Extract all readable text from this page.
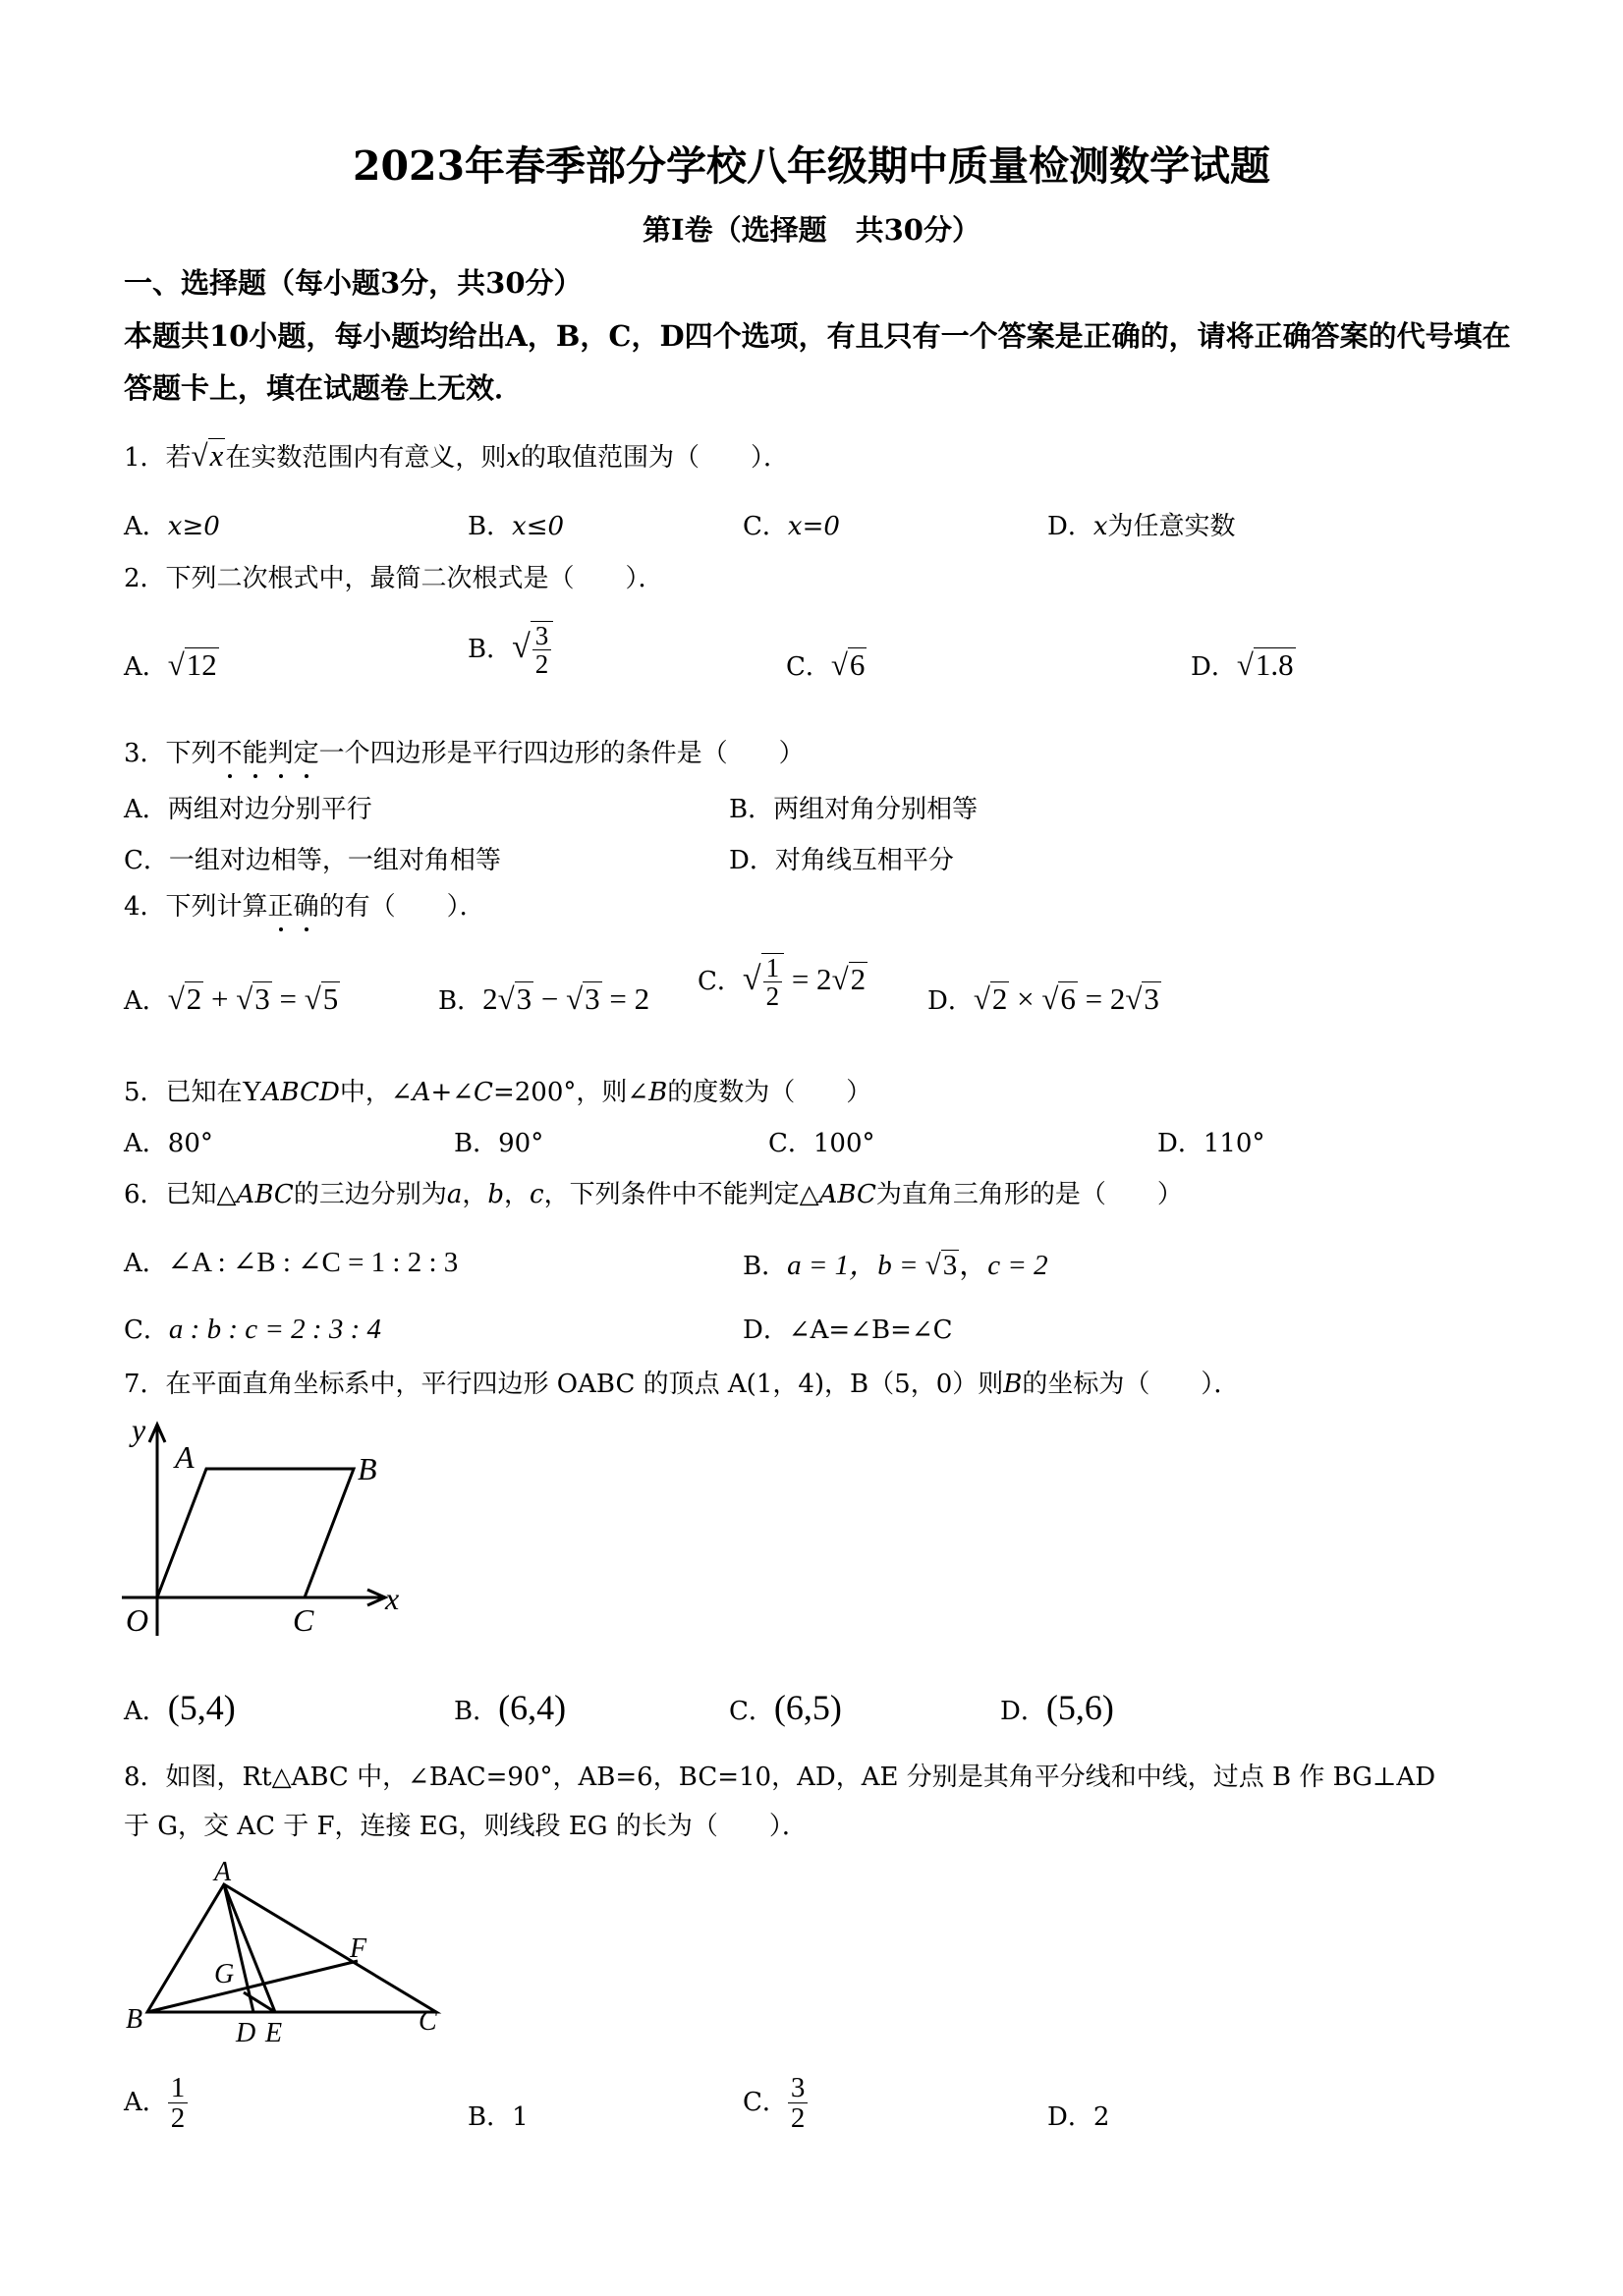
2023年春季部分学校八年级期中质量检测数学试题
第Ⅰ卷（选择题　共30分）
一、选择题（每小题3分，共30分）
本题共10小题，每小题均给出A，B，C，D四个选项，有且只有一个答案是正确的，请将正确答案的代号填在答题卡上，填在试题卷上无效．
1．若√x在实数范围内有意义，则x的取值范围为（　　）．
A．x≥0	B．x≤0	C．x=0	D．x为任意实数
2．下列二次根式中，最简二次根式是（　　）．
A．√12	B．√ $\frac{3}{2}$	C．√6	D．√1.8
3．下列不能判定一个四边形是平行四边形的条件是（　　）
A．两组对边分别平行	B．两组对角分别相等
C．一组对边相等，一组对角相等	D．对角线互相平分
4．下列计算正确的有（　　）．
A．√2 + √3 = √5	B．2√3 − √3 = 2
C．√ $\frac{1}{2} = 2√2$
D．√2 × √6 = 2√3
5．已知在YABCD中，∠A+∠C=200°，则∠B的度数为（　　）
A．80°	B．90°	C．100°	D．110°
6．已知△ABC的三边分别为a，b，c，下列条件中不能判定△ABC为直角三角形的是（　　）
A．∠A : ∠B : ∠C = 1 : 2 : 3	B．a = 1，b = √3，c = 2
C．a : b : c = 2 : 3 : 4	D．∠A=∠B=∠C
7．在平面直角坐标系中，平行四边形 OABC 的顶点 A(1，4)，B（5，0）则B的坐标为（　　）．
y
x
A	B
O	C
A．(5,4)	B．(6,4)	C．(6,5)	D．(5,6)
8．如图，Rt△ABC 中，∠BAC=90°，AB=6，BC=10，AD，AE 分别是其角平分线和中线，过点 B 作 BG⊥AD
于 G，交 AC 于 F，连接 EG，则线段 EG 的长为（　　）．
A
B	C
D E
F
G
A． $\frac{1}{2}$	B．1
C． $\frac{3}{2}$	D．2
